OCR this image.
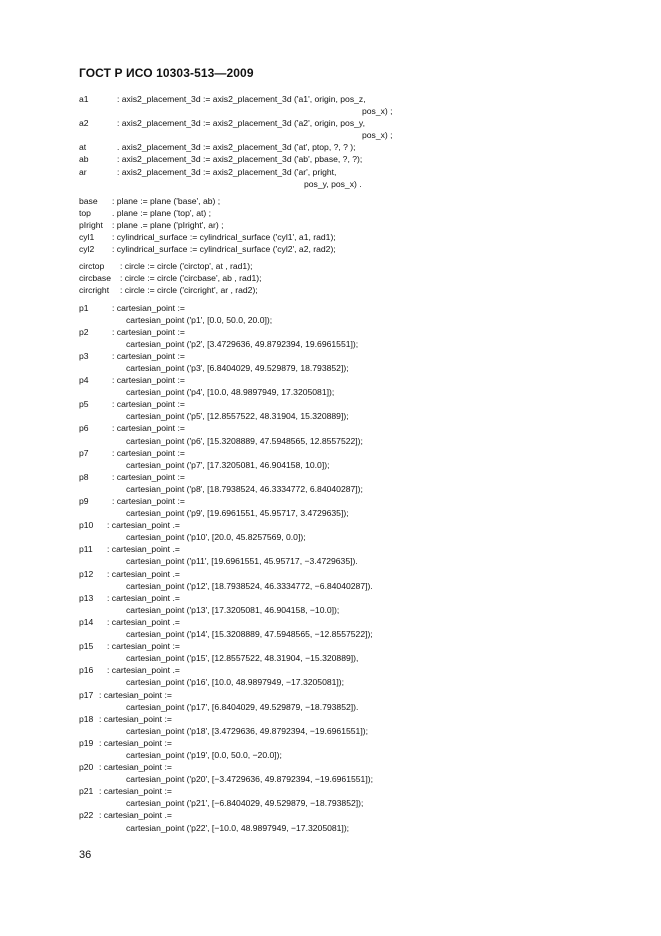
ГОСТ Р ИСО 10303-513—2009
a1	: axis2_placement_3d := axis2_placement_3d ('a1', origin, pos_z,
pos_x) ;
a2	: axis2_placement_3d := axis2_placement_3d ('a2', origin, pos_y,
pos_x) ;
at	. axis2_placement_3d := axis2_placement_3d ('at', ptop, ?, ? );
ab	: axis2_placement_3d := axis2_placement_3d ('ab', pbase, ?, ?);
ar	: axis2_placement_3d := axis2_placement_3d ('ar', pright,
pos_y, pos_x) .
base : plane := plane ('base', ab) ;
top . plane := plane ('top', at) ;
pIright : plane .= plane ('pIright', ar) ;
cyl1 : cylindrical_surface := cylindrical_surface ('cyl1', a1, rad1);
cyl2 : cylindrical_surface := cylindrical_surface ('cyl2', a2, rad2);
circtop : circle := circle ('circtop', at , rad1);
circbase : circle := circle ('circbase', ab , rad1);
circright : circle := circle ('circright', ar , rad2);
p1	: cartesian_point :=
cartesian_point ('p1', [0.0, 50.0, 20.0]);
p2	: cartesian_point :=
cartesian_point ('p2', [3.4729636, 49.8792394, 19.6961551]);
p3	: cartesian_point :=
cartesian_point ('p3', [6.8404029, 49.529879, 18.793852]);
p4	: cartesian_point :=
cartesian_point ('p4', [10.0, 48.9897949, 17.3205081]);
p5	: cartesian_point :=
cartesian_point ('p5', [12.8557522, 48.31904, 15.320889]);
p6	: cartesian_point :=
cartesian_point ('p6', [15.3208889, 47.5948565, 12.8557522]);
p7	: cartesian_point :=
cartesian_point ('p7', [17.3205081, 46.904158, 10.0]);
p8	: cartesian_point :=
cartesian_point ('p8', [18.7938524, 46.3334772, 6.84040287]);
p9	: cartesian_point :=
cartesian_point ('p9', [19.6961551, 45.95717, 3.4729635]);
p10 : cartesian_point .=
cartesian_point ('p10', [20.0, 45.8257569, 0.0]);
p11 : cartesian_point .=
cartesian_point ('p11', [19.6961551, 45.95717, −3.4729635]).
p12 : cartesian_point .=
cartesian_point ('p12', [18.7938524, 46.3334772, −6.84040287]).
p13 : cartesian_point .=
cartesian_point ('p13', [17.3205081, 46.904158, −10.0]);
p14 : cartesian_point .=
cartesian_point ('p14', [15.3208889, 47.5948565, −12.8557522]);
p15 : cartesian_point :=
cartesian_point ('p15', [12.8557522, 48.31904, −15.320889]),
p16 : cartesian_point .=
cartesian_point ('p16', [10.0, 48.9897949, −17.3205081]);
p17 : cartesian_point :=
cartesian_point ('p17', [6.8404029, 49.529879, −18.793852]).
p18 : cartesian_point :=
cartesian_point ('p18', [3.4729636, 49.8792394, −19.6961551]);
p19 : cartesian_point :=
cartesian_point ('p19', [0.0, 50.0, −20.0]);
p20 : cartesian_point :=
cartesian_point ('p20', [−3.4729636, 49.8792394, −19.6961551]);
p21 : cartesian_point :=
cartesian_point ('p21', [−6.8404029, 49.529879, −18.793852]);
p22 : cartesian_point .=
cartesian_point ('p22', [−10.0, 48.9897949, −17.3205081]);
36
